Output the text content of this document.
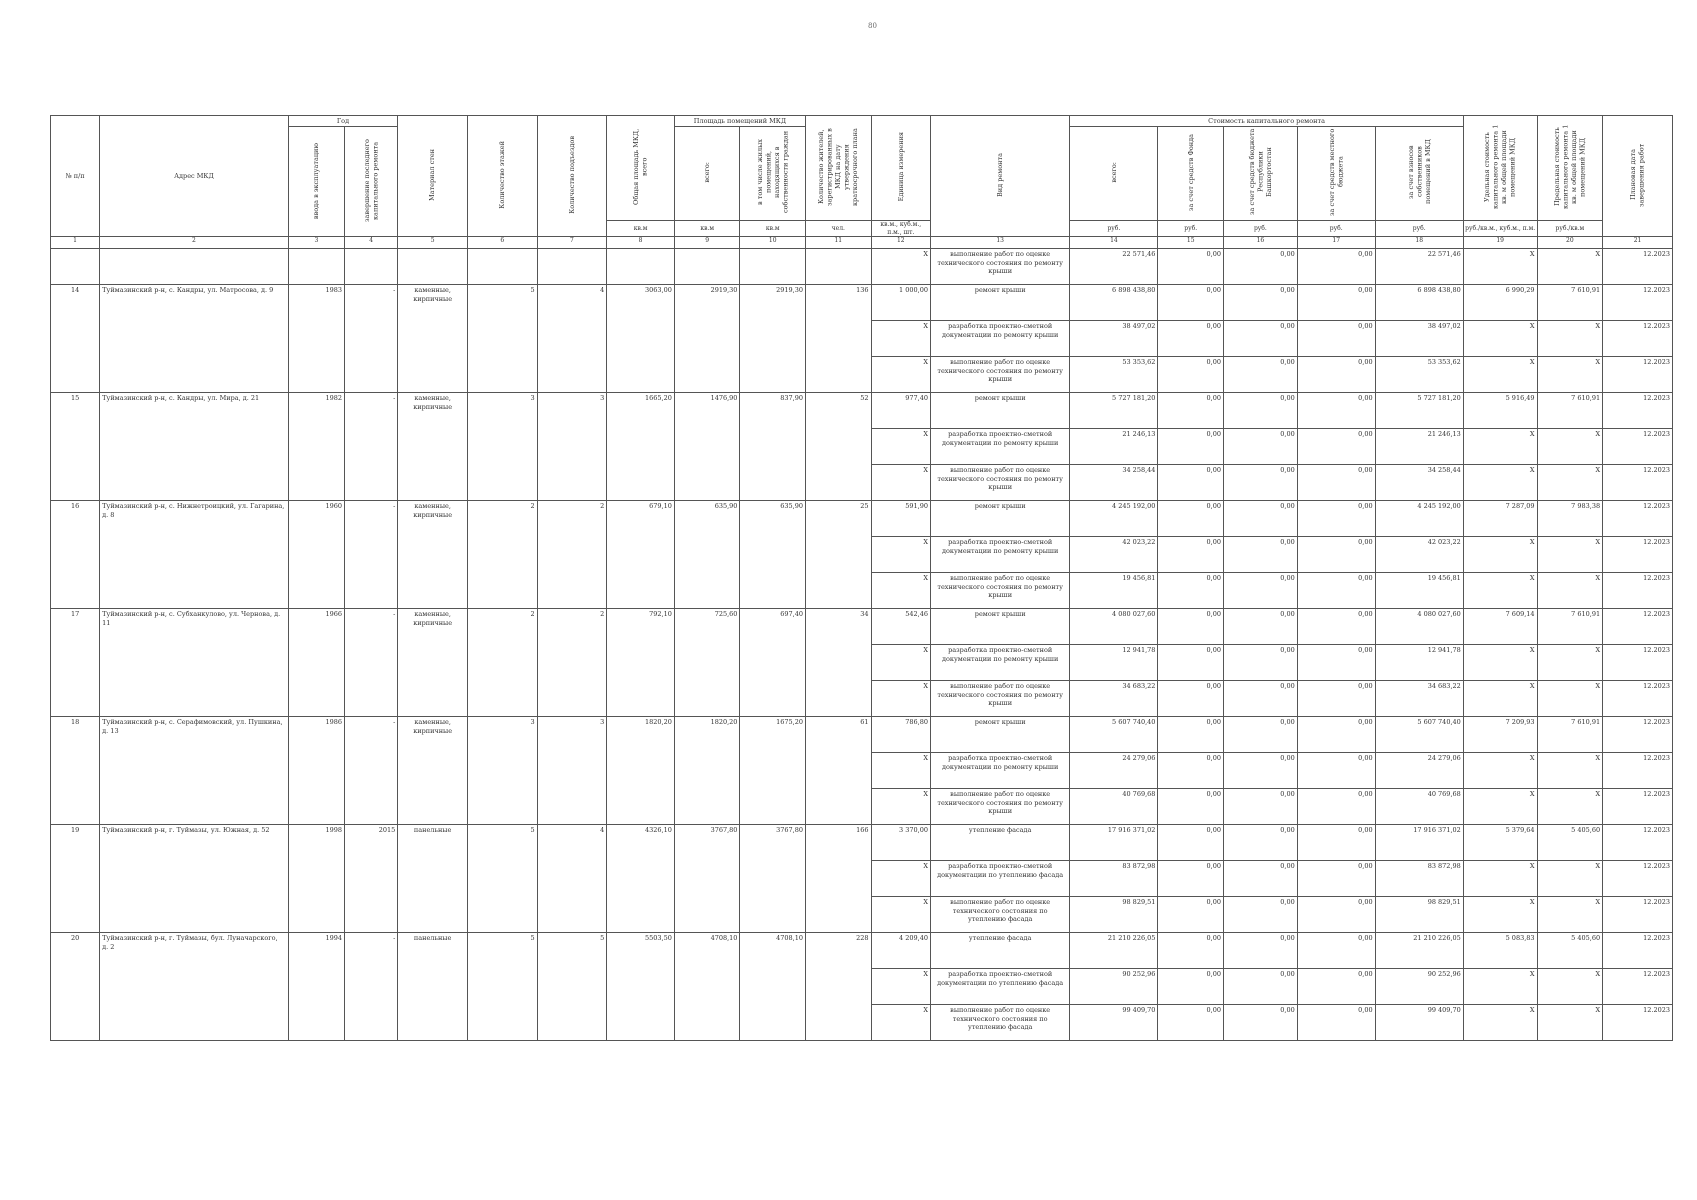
80
№ п/п	Адрес МКД	Год		Материал стен	Количество этажей	Количество подъездов	Общая площадь МКД, всего	Площадь помещений МКД		Количество жителей, зарегистрированных в МКД на дату утверждения краткосрочного плана	Единица измерения	Вид ремонта	Стоимость капитального ремонта					Удельная стоимость капитального ремонта 1 кв. м общей площади помещений МКД	Предельная стоимость капитального ремонта 1 кв. м общей площади помещений МКД	Плановая дата завершения работ
		ввода в эксплуатацию	завершение последнего капитального ремонта					всего:	в том числе жилых помещений, находящихся в собственности граждан				всего:	за счет средств Фонда	за счет средств бюджета Республики Башкортостан	за счет средств местного бюджета	за счет взносов собственников помещений в МКД			
							кв.м	кв.м	кв.м	чел.	кв.м., куб.м., п.м., шт.		руб.	руб.	руб.	руб.	руб.	руб./кв.м., куб.м., п.м.	руб./кв.м	
1	2	3	4	5	6	7	8	9	10	11	12	13	14	15	16	17	18	19	20	21
											Х	выполнение работ по оценке технического состояния по ремонту крыши	22 571,46	0,00	0,00	0,00	22 571,46	Х	Х	12.2023
14	Туймазинский р-н, с. Кандры, ул. Матросова, д. 9	1983	-	каменные, кирпичные	5	4	3063,00	2919,30	2919,30	136	1 000,00	ремонт крыши	6 898 438,80	0,00	0,00	0,00	6 898 438,80	6 990,29	7 610,91	12.2023
											Х	разработка проектно-сметной документации по ремонту крыши	38 497,02	0,00	0,00	0,00	38 497,02	Х	Х	12.2023
											Х	выполнение работ по оценке технического состояния по ремонту крыши	53 353,62	0,00	0,00	0,00	53 353,62	Х	Х	12.2023
15	Туймазинский р-н, с. Кандры, ул. Мира, д. 21	1982	-	каменные, кирпичные	3	3	1665,20	1476,90	837,90	52	977,40	ремонт крыши	5 727 181,20	0,00	0,00	0,00	5 727 181,20	5 916,49	7 610,91	12.2023
											Х	разработка проектно-сметной документации по ремонту крыши	21 246,13	0,00	0,00	0,00	21 246,13	Х	Х	12.2023
											Х	выполнение работ по оценке технического состояния по ремонту крыши	34 258,44	0,00	0,00	0,00	34 258,44	Х	Х	12.2023
16	Туймазинский р-н, с. Нижнетроицкий, ул. Гагарина, д. 8	1960	-	каменные, кирпичные	2	2	679,10	635,90	635,90	25	591,90	ремонт крыши	4 245 192,00	0,00	0,00	0,00	4 245 192,00	7 287,09	7 983,38	12.2023
											Х	разработка проектно-сметной документации по ремонту крыши	42 023,22	0,00	0,00	0,00	42 023,22	Х	Х	12.2023
											Х	выполнение работ по оценке технического состояния по ремонту крыши	19 456,81	0,00	0,00	0,00	19 456,81	Х	Х	12.2023
17	Туймазинский р-н, с. Субханкулово, ул. Чернова, д. 11	1966	-	каменные, кирпичные	2	2	792,10	725,60	697,40	34	542,46	ремонт крыши	4 080 027,60	0,00	0,00	0,00	4 080 027,60	7 609,14	7 610,91	12.2023
											Х	разработка проектно-сметной документации по ремонту крыши	12 941,78	0,00	0,00	0,00	12 941,78	Х	Х	12.2023
											Х	выполнение работ по оценке технического состояния по ремонту крыши	34 683,22	0,00	0,00	0,00	34 683,22	Х	Х	12.2023
18	Туймазинский р-н, с. Серафимовский, ул. Пушкина, д. 13	1986	-	каменные, кирпичные	3	3	1820,20	1820,20	1675,20	61	786,80	ремонт крыши	5 607 740,40	0,00	0,00	0,00	5 607 740,40	7 209,93	7 610,91	12.2023
											Х	разработка проектно-сметной документации по ремонту крыши	24 279,06	0,00	0,00	0,00	24 279,06	Х	Х	12.2023
											Х	выполнение работ по оценке технического состояния по ремонту крыши	40 769,68	0,00	0,00	0,00	40 769,68	Х	Х	12.2023
19	Туймазинский р-н, г. Туймазы, ул. Южная, д. 52	1998	2015	панельные	5	4	4326,10	3767,80	3767,80	166	3 370,00	утепление фасада	17 916 371,02	0,00	0,00	0,00	17 916 371,02	5 379,64	5 405,60	12.2023
											Х	разработка проектно-сметной документации по утеплению фасада	83 872,98	0,00	0,00	0,00	83 872,98	Х	Х	12.2023
											Х	выполнение работ по оценке технического состояния по утеплению фасада	98 829,51	0,00	0,00	0,00	98 829,51	Х	Х	12.2023
20	Туймазинский р-н, г. Туймазы, бул. Луначарского, д. 2	1994	-	панельные	5	5	5503,50	4708,10	4708,10	228	4 209,40	утепление фасада	21 210 226,05	0,00	0,00	0,00	21 210 226,05	5 083,83	5 405,60	12.2023
											Х	разработка проектно-сметной документации по утеплению фасада	90 252,96	0,00	0,00	0,00	90 252,96	Х	Х	12.2023
											Х	выполнение работ по оценке технического состояния по утеплению фасада	99 409,70	0,00	0,00	0,00	99 409,70	Х	Х	12.2023
